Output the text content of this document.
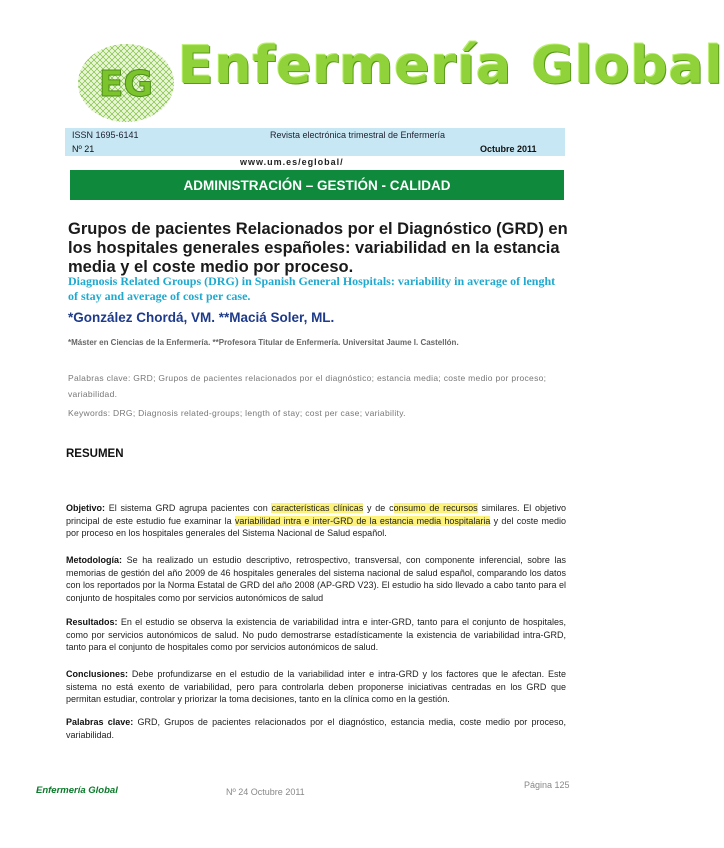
EG Enfermería Global
ISSN 1695-6141	Revista electrónica trimestral de Enfermería
Nº 21	Octubre 2011
www.um.es/eglobal/
ADMINISTRACIÓN – GESTIÓN - CALIDAD
Grupos de pacientes Relacionados por el Diagnóstico (GRD) en los hospitales generales españoles: variabilidad en la estancia media y el coste medio por proceso.
Diagnosis Related Groups (DRG) in Spanish General Hospitals: variability in average of lenght of stay and average of cost per case.
*González Chordá, VM. **Maciá Soler, ML.
*Máster en Ciencias de la Enfermería. **Profesora Titular de Enfermería. Universitat Jaume I. Castellón.
Palabras clave: GRD; Grupos de pacientes relacionados por el diagnóstico; estancia media; coste medio por proceso; variabilidad.
Keywords: DRG; Diagnosis related-groups; length of stay; cost per case; variability.
RESUMEN
Objetivo: El sistema GRD agrupa pacientes con características clínicas y de consumo de recursos similares. El objetivo principal de este estudio fue examinar la variabilidad intra e inter-GRD de la estancia media hospitalaria y del coste medio por proceso en los hospitales generales del Sistema Nacional de Salud español.
Metodología: Se ha realizado un estudio descriptivo, retrospectivo, transversal, con componente inferencial, sobre las memorias de gestión del año 2009 de 46 hospitales generales del sistema nacional de salud español, comparando los datos con los reportados por la Norma Estatal de GRD del año 2008 (AP-GRD V23). El estudio ha sido llevado a cabo tanto para el conjunto de hospitales como por servicios autonómicos de salud
Resultados: En el estudio se observa la existencia de variabilidad intra e inter-GRD, tanto para el conjunto de hospitales, como por servicios autonómicos de salud. No pudo demostrarse estadísticamente la existencia de variabilidad intra-GRD, tanto para el conjunto de hospitales como por servicios autonómicos de salud.
Conclusiones: Debe profundizarse en el estudio de la variabilidad inter e intra-GRD y los factores que le afectan. Este sistema no está exento de variabilidad, pero para controlarla deben proponerse iniciativas centradas en los GRD que permitan estudiar, controlar y priorizar la toma decisiones, tanto en la clínica como en la gestión.
Palabras clave: GRD, Grupos de pacientes relacionados por el diagnóstico, estancia media, coste medio por proceso, variabilidad.
Enfermería Global	Nº 24 Octubre 2011
Página 125
